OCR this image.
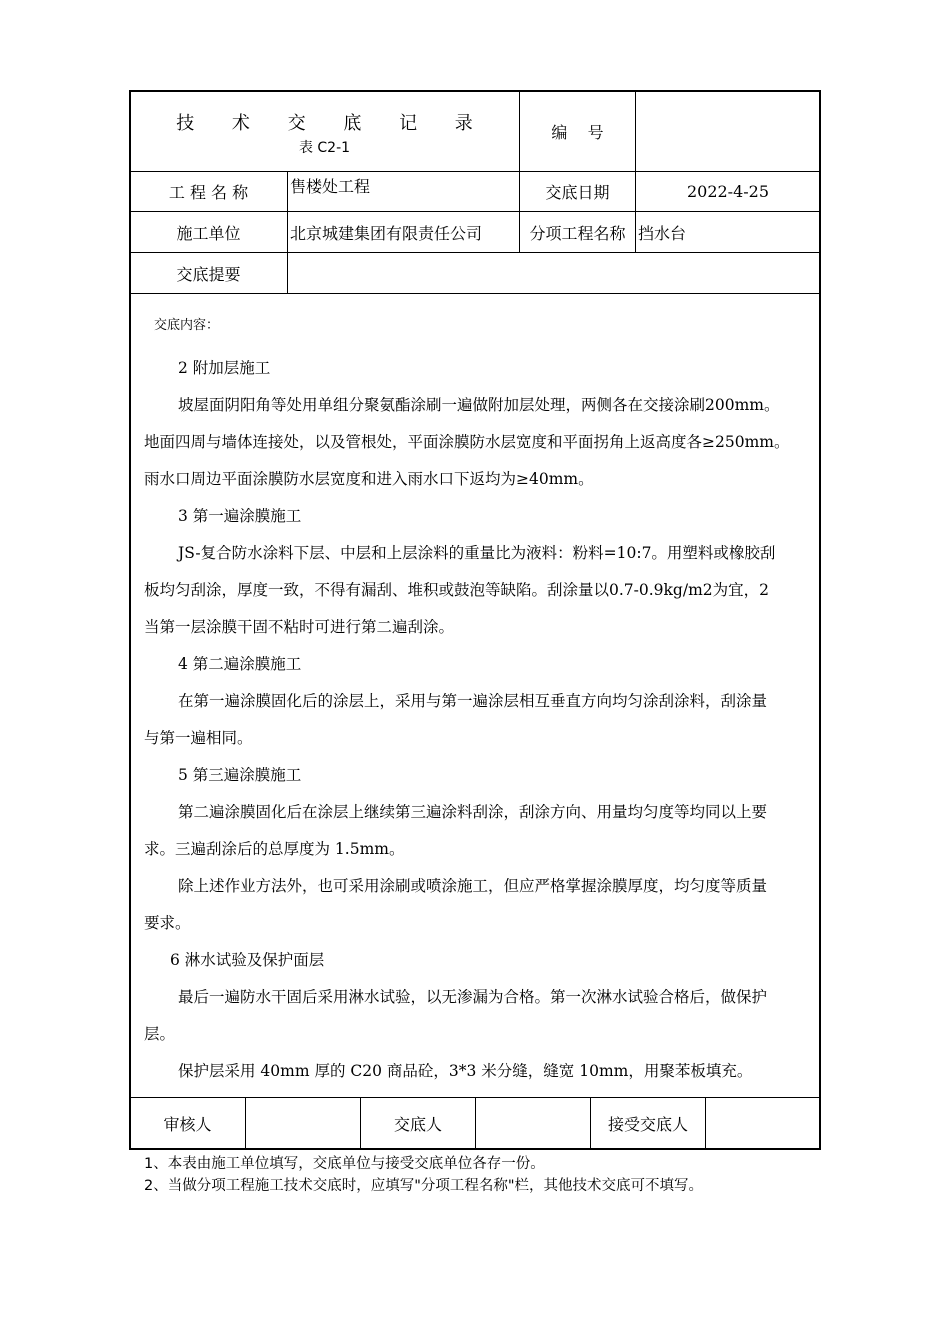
技 术 交 底 记 录
表 C2-1
编    号
工 程 名 称	售楼处工程	交底日期	2022-4-25
施工单位	北京城建集团有限责任公司	分项工程名称 挡水台
交底提要
交底内容：
2 附加层施工
坡屋面阴阳角等处用单组分聚氨酯涂刷一遍做附加层处理，两侧各在交接涂刷200mm。
地面四周与墙体连接处，以及管根处，平面涂膜防水层宽度和平面拐角上返高度各≥250mm。
雨水口周边平面涂膜防水层宽度和进入雨水口下返均为≥40mm。
3 第一遍涂膜施工
JS-复合防水涂料下层、中层和上层涂料的重量比为液料：粉料=10:7。用塑料或橡胶刮
板均匀刮涂，厚度一致，不得有漏刮、堆积或鼓泡等缺陷。刮涂量以0.7-0.9kg/m2为宜，2
当第一层涂膜干固不粘时可进行第二遍刮涂。
4 第二遍涂膜施工
在第一遍涂膜固化后的涂层上，采用与第一遍涂层相互垂直方向均匀涂刮涂料，刮涂量
与第一遍相同。
5 第三遍涂膜施工
第二遍涂膜固化后在涂层上继续第三遍涂料刮涂，刮涂方向、用量均匀度等均同以上要
求。三遍刮涂后的总厚度为 1.5mm。
除上述作业方法外，也可采用涂刷或喷涂施工，但应严格掌握涂膜厚度，均匀度等质量
要求。
6 淋水试验及保护面层
最后一遍防水干固后采用淋水试验，以无渗漏为合格。第一次淋水试验合格后，做保护
层。
保护层采用 40mm 厚的 C20 商品砼，3*3 米分缝，缝宽 10mm，用聚苯板填充。
审核人	交底人	接受交底人
1、本表由施工单位填写，交底单位与接受交底单位各存一份。
2、当做分项工程施工技术交底时，应填写"分项工程名称"栏，其他技术交底可不填写。
